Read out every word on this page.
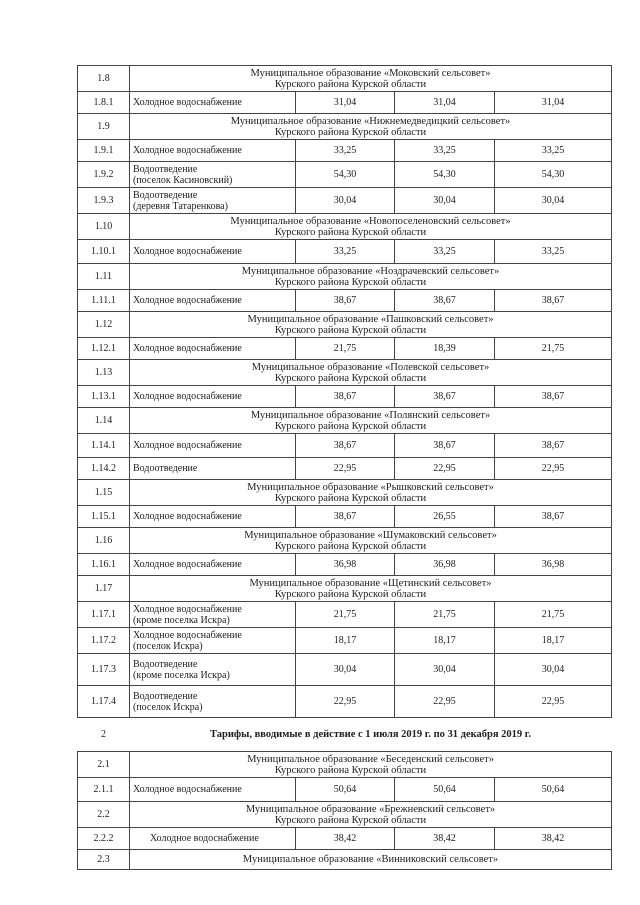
1.8	Муниципальное образование «Моковский сельсовет»
Курского района Курской области			

1.8.1	Холодное водоснабжение	31,04	31,04	31,04
1.9	Муниципальное образование «Нижнемедведицкий сельсовет»
Курского района Курской области			

1.9.1	Холодное водоснабжение	33,25	33,25	33,25
1.9.2	Водоотведение
(поселок Касиновский)	54,30	54,30	54,30
1.9.3	Водоотведение
(деревня Татаренкова)	30,04	30,04	30,04
1.10	Муниципальное образование «Новопоселеновский сельсовет»
Курского района Курской области			

1.10.1	Холодное водоснабжение	33,25	33,25	33,25
1.11	Муниципальное образование «Ноздрачевский сельсовет»
Курского района Курской области			

1.11.1	Холодное водоснабжение	38,67	38,67	38,67
1.12	Муниципальное образование «Пашковский сельсовет»
Курского района Курской области			

1.12.1	Холодное водоснабжение	21,75	18,39	21,75
1.13	Муниципальное образование «Полевской сельсовет»
Курского района Курской области			

1.13.1	Холодное водоснабжение	38,67	38,67	38,67
1.14	Муниципальное образование «Полянский сельсовет»
Курского района Курской области			

1.14.1	Холодное водоснабжение	38,67	38,67	38,67
1.14.2	Водоотведение	22,95	22,95	22,95
1.15	Муниципальное образование «Рышковский сельсовет»
Курского района Курской области			

1.15.1	Холодное водоснабжение	38,67	26,55	38,67
1.16	Муниципальное образование «Шумаковский сельсовет»
Курского района Курской области			

1.16.1	Холодное водоснабжение	36,98	36,98	36,98
1.17	Муниципальное образование «Щетинский сельсовет»
Курского района Курской области			

1.17.1	Холодное водоснабжение
(кроме поселка Искра)	21,75	21,75	21,75
1.17.2	Холодное водоснабжение
(поселок Искра)	18,17	18,17	18,17
1.17.3	Водоотведение
(кроме поселка Искра)	30,04	30,04	30,04
1.17.4	Водоотведение
(поселок Искра)	22,95	22,95	22,95
2	Тарифы, вводимые в действие с 1 июля 2019 г. по 31 декабря 2019 г.			
2.1	Муниципальное образование «Беседенский сельсовет»
Курского района Курской области			

2.1.1	Холодное водоснабжение	50,64	50,64	50,64
2.2	Муниципальное образование «Брежневский сельсовет»
Курского района Курской области			

2.2.2	Холодное водоснабжение	38,42	38,42	38,42
2.3	Муниципальное образование «Винниковский сельсовет»			
